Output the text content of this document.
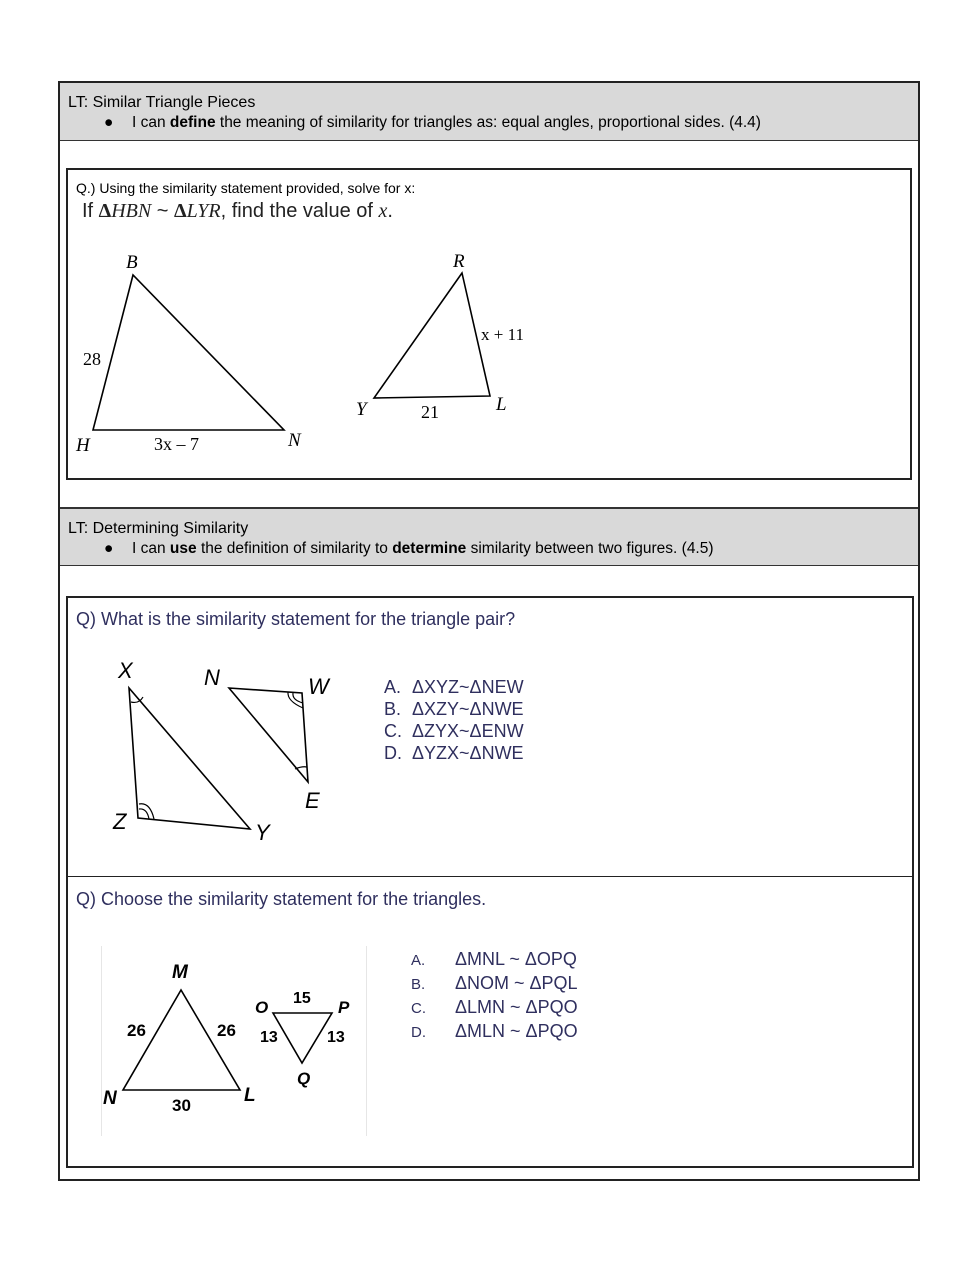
LT: Similar Triangle Pieces
● I can define the meaning of similarity for triangles as: equal angles, proportional sides. (4.4)
Q.) Using the similarity statement provided, solve for x:
If ΔHBN ~ ΔLYR, find the value of x.
B
H	N
28
3x – 7
R
Y	L
x + 11
21
LT: Determining Similarity
● I can use the definition of similarity to determine similarity between two figures. (4.5)
Q) What is the similarity statement for the triangle pair?
X
Z	Y
N	W
E
A. ΔXYZ~ΔNEW
B. ΔXZY~ΔNWE
C. ΔZYX~ΔENW
D. ΔYZX~ΔNWE
Q) Choose the similarity statement for the triangles.
M
N	L
26	26
30
O	P
Q
15
13	13
A. ΔMNL ~ ΔOPQ
B. ΔNOM ~ ΔPQL
C. ΔLMN ~ ΔPQO
D. ΔMLN ~ ΔPQO
